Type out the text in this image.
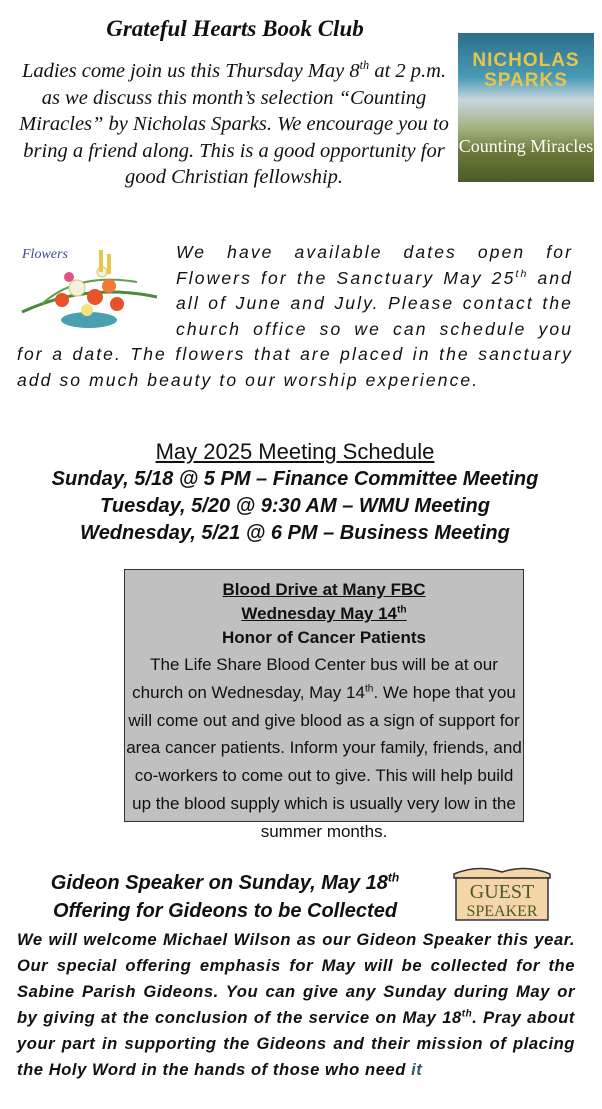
Grateful Hearts Book Club
Ladies come join us this Thursday May 8th at 2 p.m. as we discuss this month’s selection “Counting Miracles” by Nicholas Sparks. We encourage you to bring a friend along. This is a good opportunity for good Christian fellowship.
NICHOLAS SPARKS
Counting Miracles
Flowers	We have available dates open for Flowers for the Sanctuary May 25th and all of June and July. Please contact the church office so we can schedule you for a date. The flowers that are placed in the sanctuary add so much beauty to our worship experience.
May 2025 Meeting Schedule
Sunday, 5/18 @ 5 PM – Finance Committee Meeting
Tuesday, 5/20 @ 9:30 AM – WMU Meeting
Wednesday, 5/21 @ 6 PM – Business Meeting
Blood Drive at Many FBC
Wednesday May 14th
Honor of Cancer Patients
The Life Share Blood Center bus will be at our church on Wednesday, May 14th. We hope that you will come out and give blood as a sign of support for area cancer patients. Inform your family, friends, and co-workers to come out to give. This will help build up the blood supply which is usually very low in the summer months.
Gideon Speaker on Sunday, May 18th
Offering for Gideons to be Collected
GUEST
SPEAKER
We will welcome Michael Wilson as our Gideon Speaker this year. Our special offering emphasis for May will be collected for the Sabine Parish Gideons. You can give any Sunday during May or by giving at the conclusion of the service on May 18th. Pray about your part in supporting the Gideons and their mission of placing the Holy Word in the hands of those who need it
